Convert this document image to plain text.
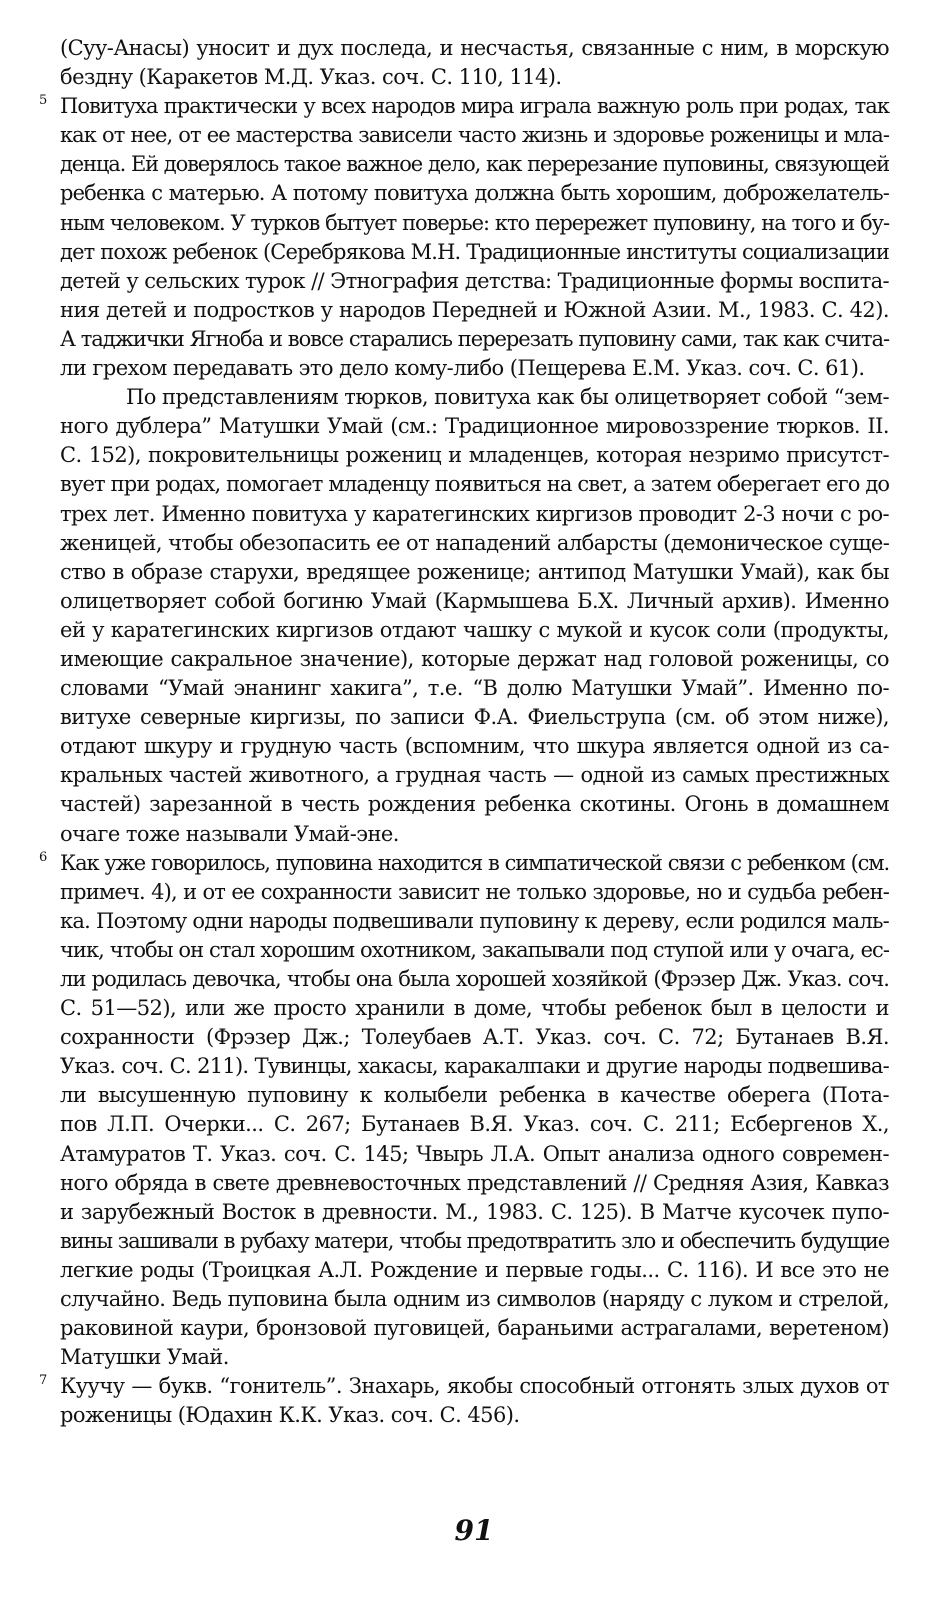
(Суу-Анасы) уносит и дух последа, и несчастья, связанные с ним, в морскую
бездну (Каракетов М.Д. Указ. соч. С. 110, 114).
5 Повитуха практически у всех народов мира играла важную роль при родах, так
как от нее, от ее мастерства зависели часто жизнь и здоровье роженицы и мла-
денца. Ей доверялось такое важное дело, как перерезание пуповины, связующей
ребенка с матерью. А потому повитуха должна быть хорошим, доброжелатель-
ным человеком. У турков бытует поверье: кто перережет пуповину, на того и бу-
дет похож ребенок (Серебрякова М.Н. Традиционные институты социализации
детей у сельских турок // Этнография детства: Традиционные формы воспита-
ния детей и подростков у народов Передней и Южной Азии. М., 1983. С. 42).
А таджички Ягноба и вовсе старались перерезать пуповину сами, так как счита-
ли грехом передавать это дело кому-либо (Пещерева Е.М. Указ. соч. С. 61).
По представлениям тюрков, повитуха как бы олицетворяет собой “зем-
ного дублера” Матушки Умай (см.: Традиционное мировоззрение тюрков. II.
С. 152), покровительницы рожениц и младенцев, которая незримо присутст-
вует при родах, помогает младенцу появиться на свет, а затем оберегает его до
трех лет. Именно повитуха у каратегинских киргизов проводит 2-3 ночи с ро-
женицей, чтобы обезопасить ее от нападений албарсты (демоническое суще-
ство в образе старухи, вредящее роженице; антипод Матушки Умай), как бы
олицетворяет собой богиню Умай (Кармышева Б.Х. Личный архив). Именно
ей у каратегинских киргизов отдают чашку с мукой и кусок соли (продукты,
имеющие сакральное значение), которые держат над головой роженицы, со
словами “Умай энанинг хакига”, т.е. “В долю Матушки Умай”. Именно по-
витухе северные киргизы, по записи Ф.А. Фиельструпа (см. об этом ниже),
отдают шкуру и грудную часть (вспомним, что шкура является одной из са-
кральных частей животного, а грудная часть — одной из самых престижных
частей) зарезанной в честь рождения ребенка скотины. Огонь в домашнем
очаге тоже называли Умай-эне.
6 Как уже говорилось, пуповина находится в симпатической связи с ребенком (см.
примеч. 4), и от ее сохранности зависит не только здоровье, но и судьба ребен-
ка. Поэтому одни народы подвешивали пуповину к дереву, если родился маль-
чик, чтобы он стал хорошим охотником, закапывали под ступой или у очага, ес-
ли родилась девочка, чтобы она была хорошей хозяйкой (Фрэзер Дж. Указ. соч.
С. 51—52), или же просто хранили в доме, чтобы ребенок был в целости и
сохранности (Фрэзер Дж.; Толеубаев А.Т. Указ. соч. С. 72; Бутанаев В.Я.
Указ. соч. С. 211). Тувинцы, хакасы, каракалпаки и другие народы подвешива-
ли высушенную пуповину к колыбели ребенка в качестве оберега (Пота-
пов Л.П. Очерки... С. 267; Бутанаев В.Я. Указ. соч. С. 211; Есбергенов Х.,
Атамуратов Т. Указ. соч. С. 145; Чвырь Л.А. Опыт анализа одного современ-
ного обряда в свете древневосточных представлений // Средняя Азия, Кавказ
и зарубежный Восток в древности. М., 1983. С. 125). В Матче кусочек пупо-
вины зашивали в рубаху матери, чтобы предотвратить зло и обеспечить будущие
легкие роды (Троицкая А.Л. Рождение и первые годы... С. 116). И все это не
случайно. Ведь пуповина была одним из символов (наряду с луком и стрелой,
раковиной каури, бронзовой пуговицей, бараньими астрагалами, веретеном)
Матушки Умай.
7 Куучу — букв. “гонитель”. Знахарь, якобы способный отгонять злых духов от
роженицы (Юдахин К.К. Указ. соч. С. 456).
91
